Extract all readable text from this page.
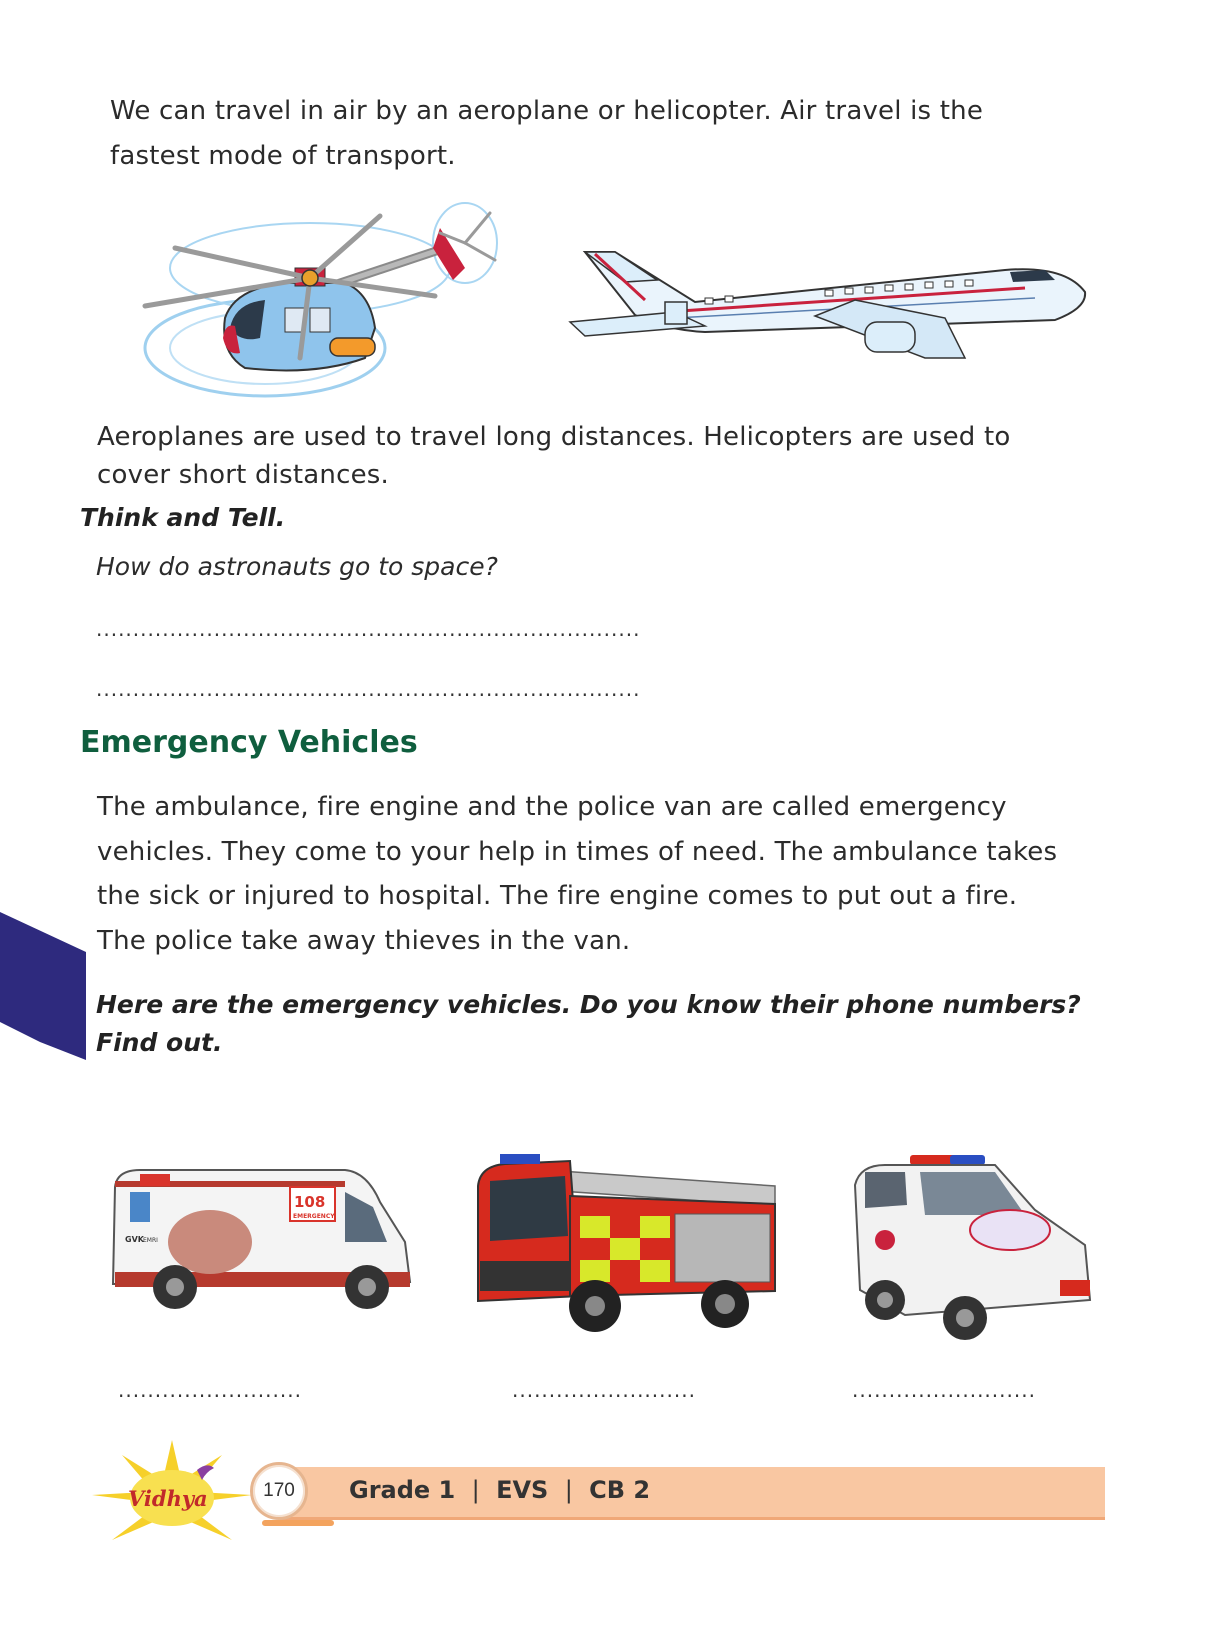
We can travel in air by an aeroplane or helicopter. Air travel is the
fastest mode of transport.
Aeroplanes are used to travel long distances. Helicopters are used to
cover short distances.
Think and Tell.
How do astronauts go to space?
..........................................................................
..........................................................................
Emergency Vehicles
The ambulance, fire engine and the police van are called emergency
vehicles. They come to your help in times of need. The ambulance takes
the sick or injured to hospital. The fire engine comes to put out a fire.
The police take away thieves in the van.
Here are the emergency vehicles. Do you know their phone numbers?
Find out.
108
EMERGENCY
GVK EMRI
.........................	.........................	.........................
Vidhya	170	Grade 1 | EVS | CB 2
